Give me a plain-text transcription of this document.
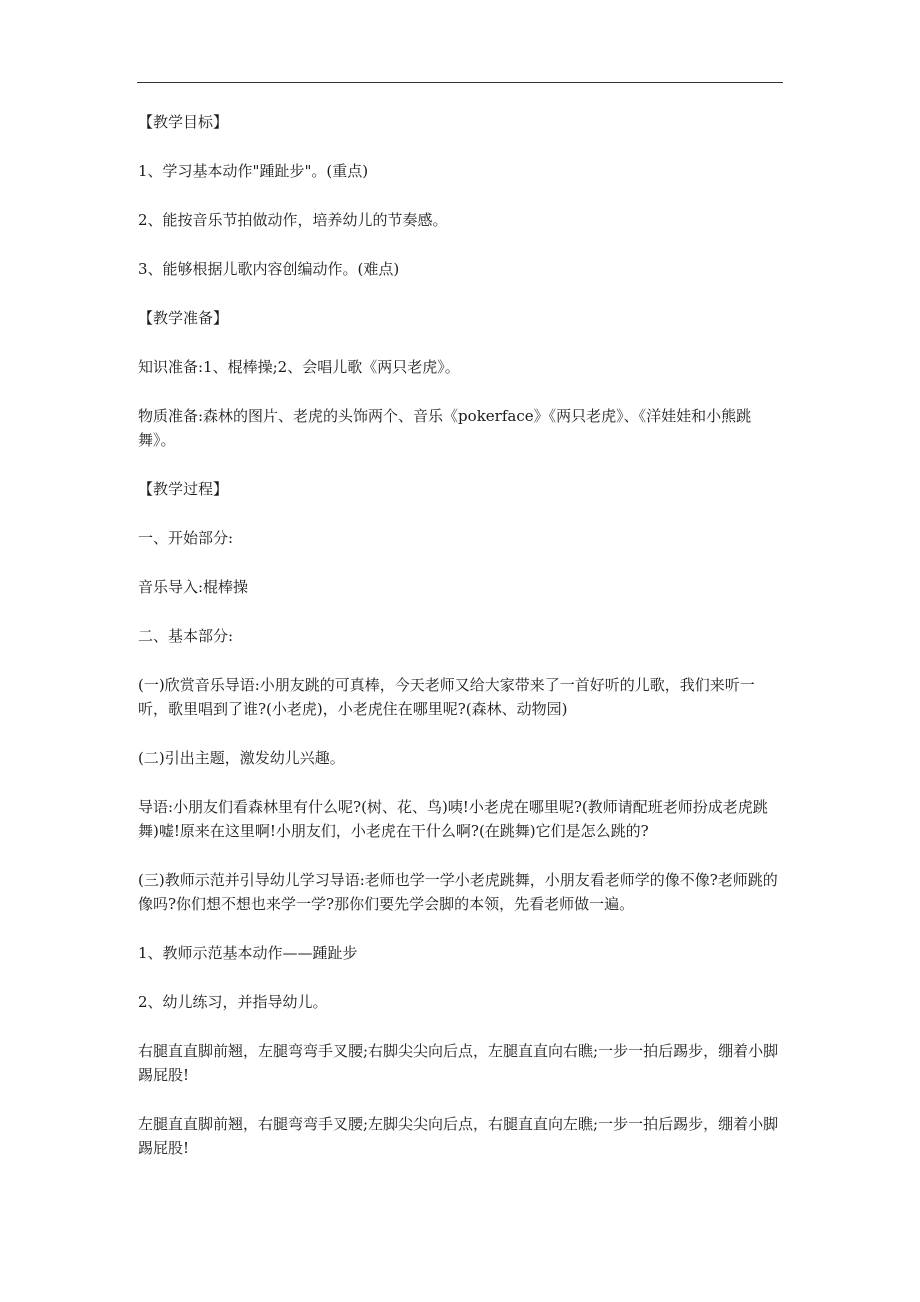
【教学目标】

1、学习基本动作"踵趾步"。(重点)

2、能按音乐节拍做动作，培养幼儿的节奏感。

3、能够根据儿歌内容创编动作。(难点)

【教学准备】

知识准备:1、棍棒操;2、会唱儿歌《两只老虎》。

物质准备:森林的图片、老虎的头饰两个、音乐《pokerface》《两只老虎》、《洋娃娃和小熊跳舞》。

【教学过程】

一、开始部分:

音乐导入:棍棒操

二、基本部分:

(一)欣赏音乐导语:小朋友跳的可真棒，今天老师又给大家带来了一首好听的儿歌，我们来听一听，歌里唱到了谁?(小老虎)，小老虎住在哪里呢?(森林、动物园)

(二)引出主题，激发幼儿兴趣。

导语:小朋友们看森林里有什么呢?(树、花、鸟)咦!小老虎在哪里呢?(教师请配班老师扮成老虎跳舞)嘘!原来在这里啊!小朋友们，小老虎在干什么啊?(在跳舞)它们是怎么跳的?

(三)教师示范并引导幼儿学习导语:老师也学一学小老虎跳舞，小朋友看老师学的像不像?老师跳的像吗?你们想不想也来学一学?那你们要先学会脚的本领，先看老师做一遍。

1、教师示范基本动作——踵趾步

2、幼儿练习，并指导幼儿。

右腿直直脚前翘，左腿弯弯手叉腰;右脚尖尖向后点，左腿直直向右瞧;一步一拍后踢步，绷着小脚踢屁股!

左腿直直脚前翘，右腿弯弯手叉腰;左脚尖尖向后点，右腿直直向左瞧;一步一拍后踢步，绷着小脚踢屁股!
